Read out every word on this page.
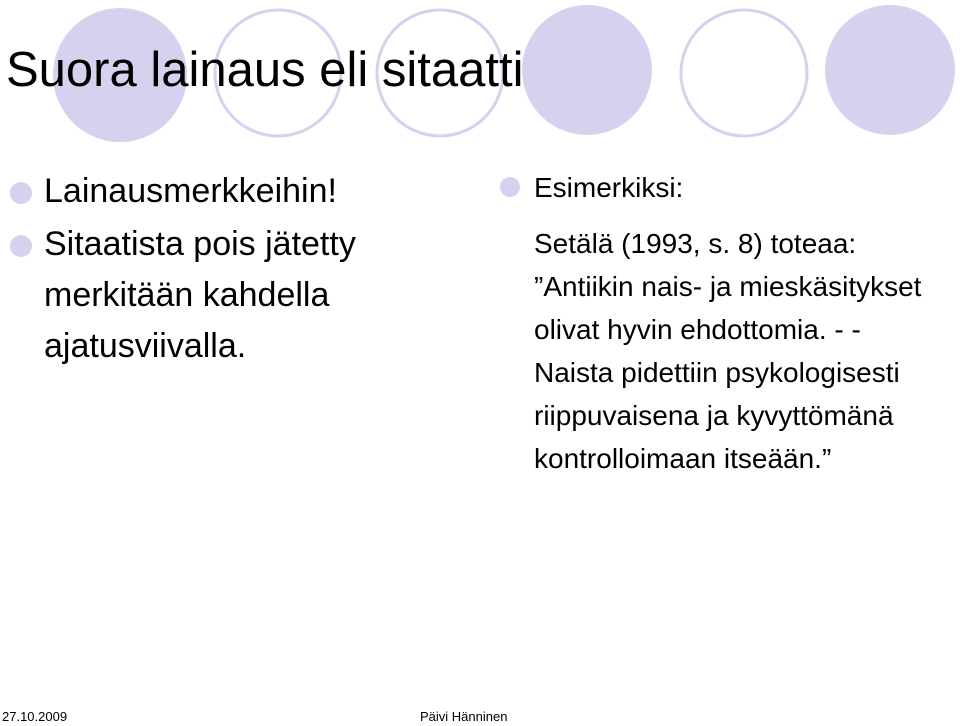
Suora lainaus eli sitaatti
Lainausmerkkeihin!
Sitaatista pois jätetty merkitään kahdella ajatusviivalla.
Esimerkiksi:

Setälä (1993, s. 8) toteaa: ”Antiikin nais- ja mieskäsitykset olivat hyvin ehdottomia. - - Naista pidettiin psykologisesti riippuvaisena ja kyvyttömänä kontrolloimaan itseään.”

27.10.2009	Päivi Hänninen
